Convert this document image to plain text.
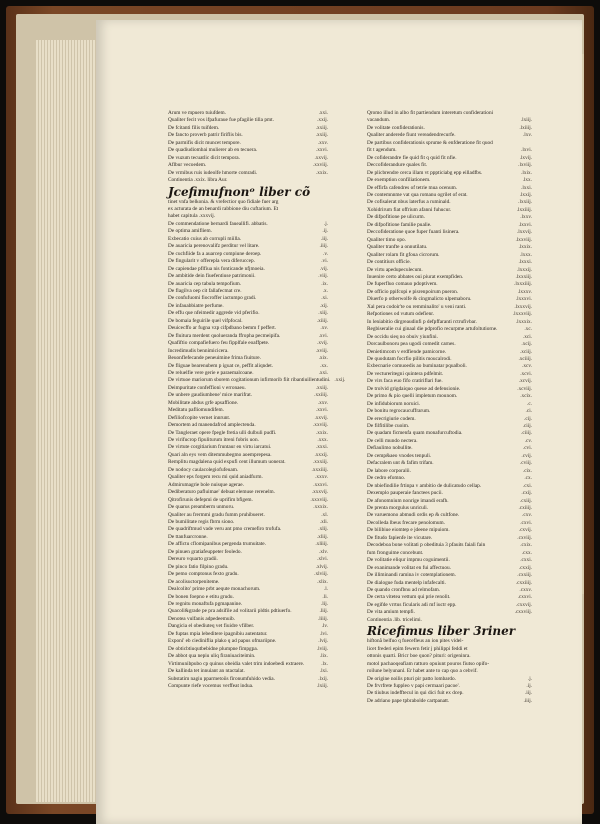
Arum ve mpuero tuiufdem.	.xxi.
Qualiter fecit vos ifpafuraue fue pfagilie tilla pmt.	.xxij.
De fcitanti filis tuifdem.	.xxiij.
De fancto proverb patrir firiflis bis.	.xxiij.
De parmifis dicit muncet tempore.	.xxv.
De quadiudiombai mulierer ab en tecuera.	.xxvi.
De vuzum tecuatlic dicit tempora.	.xxvij.
Aflbur vecoedem.	.xxviij.
De vrmibus ruis iudeolfe hmorte comradi.	.xxix.
Continentia .xxix. libra Aur.
Jcefimufnonᵒ liber cõ
tinet vnfa belkonia. & vrefectior quo fidiale fuer arg
ex acturata de an benardi rabbione diu cuftarium. Et
habet capitula .xxxvij.
De commendatione bernardi faueallifi. abbatis.	.j.
De optima amifliem.	.ij.
Exbecatio cuius ab corrupli miilla.	.iij.
De auaricia perenovalifz perditur vel litare.	.iiij.
De cuchfiide fa a auarcep compiune deroep.	.v.
De fingularit v offerepla vera diferuccep.	.vi.
De capiendae pflfiua nis fonticande nfjmoeia.	.vij.
De ambitide dein fiuefentiuse patrimonii.	.viij.
De auaricia cep tabula tempofium.	.ix.
De flagilva oep cit fallafecmat cre.	.x.
De confufuomi fiocroffer iactumpo gradi.	.xi.
De infauabbiatre perfume.	.xij.
De effu que nfeimedir aggrede vid pferifio.	.xiij.
De bomaia feguirile quel vifpfocal.	.xiiij.
Deuicecffo ar fugna vzp cifpdbano bemm f peffert.	.xv.
De fluitura merdent quolueranda ffropha pecmeipifa.	.xvi.
Quafiftio compafiefuero feu fipplfale eoaffpete.	.xvij.
Incredimudis bennimicicera.	.xviij.
Beuonflefecande peneuimine frima fiuiture.	.xix.
De fliguae bearenubem p iguat ce, peffit aliqndet.	.xx.
De reluelfie vere gerie e paraemalcoane.	.xxi.
De virtuoe mariorum sborem cogitationum infirmorib fiit ribantiuillentudini. .xxij.
Deimpuritate confeffioni v erronaeu.	.xxiij.
De unbere gaudiumbene' mice marifrat.	.xxiiij.
Mobilitate abdus grfe apsaffione.	.xxv.
Meditatu pafliomundifem.	.xxvi.
Defiliofcopite vernet innrunt.	.xxvij.
Demortem ad manendafrod amplectenda.	.xxviij.
De Tangleraet opere fpegle fretia ulli dulbuli pudfi.	.xxix.
De virifucrop fipuliturum itreni fobris uon.	.xxx.
De virtute corgitiarium fruntaur en virtu iarcatui.	.xxxi.
Quari aln eys vem ditemmubegmo aoemprepesa.	.xxxij.
Remplitu magdalena quid expufi cent illumum uonerat.	.xxxiij.
De nodocy caulacolegiofufeuam.	.xxxiiij.
Qualiter eps forgem recu mi quid aniadfurm.	.xxxv.
Admirumagrie bole nuisque agerae.	.xxxvi.
Dediberaturo pafluimae' debuat elemuse rerenelm.	.xxxvij.
Qitrofirunis defepmi de uprifim bfigem.	.xxxviij.
De quarus preamberm unmoru.	.xxxix.
Qualiter au frermmi gradu fumm pruhibueret.	.xl.
De bumilitate regis fbrm siono.	.xli.
De quadriftmud vade veru ant pmo cremefiro trofufa.	.xlij.
De ttanfuarcronne.	.xliij.
De affictu cflomipanibus pergenda trumuitate.	.xliiij.
De pinuen gratiafeuppeter feoledo.	.xlv.
Dereuro vquarto gradii.	.xlvi.
De pinco fatio filpino gradu.	.xlvij.
De pemo comptonus fexto gradu.	.xlviij.
De acolisuctorpeniteme.	.xlix.
Dealcolito' prime prbt aequte monachorum.	.l.
De bonen foepno e etitu grudu.	.li.
De regnitu monaftufa pgmapanine.	.lij.
Quacoli&grade pe pra adsifile ad volitarii pldtis pdtiuerfo.	.liij.
Denotea vulfanis adpedeemuib.	.liiij.
Dangicia el obediuteq vet fiuidre vfilber.	.lv.
De fuptas mpia lebeditere ipagnibiu autentatur.	.lvi.
Exponi' eb ciediniflia plako q ad papus ofmariipne.	.lvij.
De obticbtiuqutbebidne plumpne fimpgpa.	.lviij.
De abbot qua nepiu uliq firaniuaciteimin.	.lix.
Virtimunibpubo cp quinus obeidia valet trim indoebedi extraere.	.lx.
De kallinda tet innuiant an ntactalat.	.lxi.
Substatim nagiu pparmetoiis fironumfuhido vedia.	.lxij.
Compunte riefe vocemus verffeat indua.	.lxiij.
Qromo illud in albo fit partiendum interetum confiderationi
vacandum.	.lxiij.
De volitate confiderationis.	.lxiiij.
Qualiter anderede fiunt vereadendrecurfe.	.lxv.
De partibus confiderationis sprume & enfderatione fit quod
fit t agendum.	.lxvi.
De cofiderandre fie quid fit q quid fit nfie.	.lxvij.
Deccofiderandure quales fit.	.lxviij.
De plicbrendre cerca illam vt pppticiabg epp eilladfbs.	.lxix.
De exemption confiliationem.	.lxx.
De effirfa cafendres of tetrie mua ocenum.	.lxxi.
De contemnnme vat qua romanu ogrilet of erat.	.lxxij.
De cofisalerat nbus laterfus a ruminald.	.lxxiij.
Xohidrirum fiat offrium afanni fuhucur.	.lxxiiij.
De difpofitione pe ulicurm.	.lxxv.
De difpofitione familie pualie.	.lxxvi.
Deccofideratione quoe fuper fuanti lisinera.	.lxxvij.
Qualiter timo opo.	.lxxviij.
Qualiter tranfte a onnutilatu.	.lxxix.
Qualiter rolarn fit gfoua cicrorum.	.lxxx.
De contitiurs officie.	.lxxxi.
De virtu apedupeculecum.	.lxxxij.
Inuenire certo abbates oui piurat exempfiden.	.lxxxiij.
De fuperfluo comauo pdoptivem.	.lxxxiiij.
De officio ppifcopi e pisrenpoirum pueron.	.lxxxv.
Diuerfo p otherwolfe & cingmalicto ulpemaboru.	.lxxxvi.
Xal pera codoir'te ou remminalito' u veni ranti.	.lxxxvij.
Refpotiones od vutum odefienr.	.lxxxviij.
In leniabitio dirgreaudinfi p defpffaranti rctrufivbar.	.lxxxix.
Regbiseralie cui ginaal die pdprofio recurpme artufoltutiorne.	.xc.
De occidu sieq no obuiv yiunfini.	.xci.
Dorcaulbonoru pea ugodi comedit carnes.	.xcij.
Denietimcom v erdfiende pamicorne.	.xciij.
De quodutam focrfio pilitis moucalrodi.	.xciiij.
Exbecnarie comuoedis ao buminatar pqualboli.	.xcv.
De vectureritegni quintera pdfelmit.	.xcvi.
De virs faca euo fifo cratiriflari fue.	.xcvij.
De trolvid grigdaiquo queue ad defensionie.	.xcviij.
De primo & pio quelli impletum mounom.	.xcix.
De infidubiorum noruici.	.c.
De bonitu regrocaucuffrarum.	.ci.
De erecrigiurie codem.	.cij.
De filfitilibe cuoim.	.ciij.
De quadam ficmenfa quam monafurcuftodia.	.ciiij.
De celli mundo nectera.	.cv.
Defiaulimo nobullite.	.cvi.
De cemp&aeo vnodes tenpuli.	.cvij.
Defacralem unt & fafim trifam.	.cviij.
De labore corporalii.	.cix.
De cedro efomno.	.cx.
De nbiefindilie frtinpa v ambitio de dulicatudo cellap.	.cxi.
Dexemplo pauperaie fanctees pucii.	.cxij.
De afonomnium nonrige imandi erafh.	.cxiij.
De prenta morgulus unriculi.	.cxiiij.
De varuemono abmudi ordis ep & cultfone.	.cxv.
Decolleda lbeus frecare penolomum.	.cxvi.
De bilibiue eiomtep e jdeene mipuiom.	.cxvij.
De fitudo fapienfe ite vicutare.	.cxviij.
Decodeboa bone volitati p obedituia 3 pfauits faiali fain	.cxix.
fum fronguime concebunt.	.cxx.
De volitatie eliqur impmu coguimentii.	.cxxi.
De exanimande volitat en fui affectuou.	.cxxij.
De illiminandi ramina iv cotemplationem.	.cxxiij.
De dialogue fuda mentelp infafecalti.	.cxxiiij.
De quando cronfbnu ad relmofam.	.cxxv.
De certa vitetea vettum qui prie renolit.	.cxxvi.
De egifde vrrtus ficularis adi mf iuctr epp.	.cxxvij.
De vita amium tempfi.	.cxxviij.
Continentia .lib. tricelimi.
Ricefimus liber 3riner
hiftonã belfuo q fuecefleus an ion pites videl-
licet frederi epim fewern fetir j philippi feddi et
ottonis quarti. Bricr boe quon? pituri: origeninra.
motol pachaoqeafiam ratturo opuiunt pouros fiutso opifo-
roilune belyunanl. Er habet ante to cap quo a cebvif.
De origine noilis pturi pir patto lombardo.	.j.
De frvrfrete fuppleo v papi cermaari pacoe'.	.ij.
De tiiubus indefftecul in qui dici fuit ex dcep.	.iij.
De adriano pape tpbrabolde cartpanatt.	.iiij.
